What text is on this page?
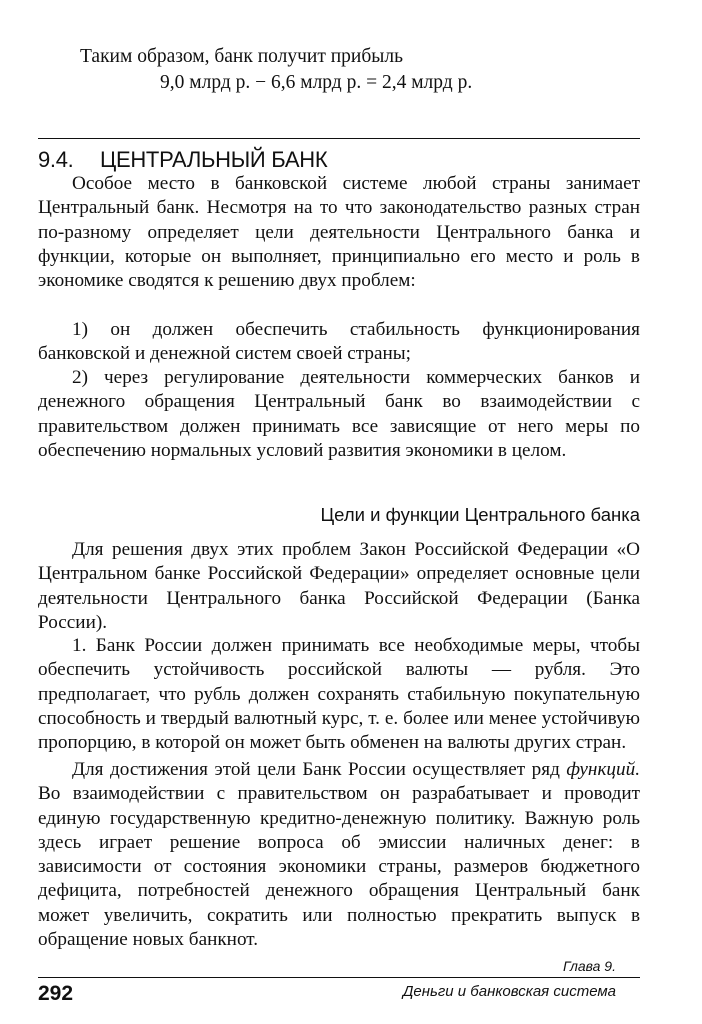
Таким образом, банк получит прибыль
9,0 млрд р. − 6,6 млрд р. = 2,4 млрд р.
9.4. ЦЕНТРАЛЬНЫЙ БАНК

Особое место в банковской системе любой страны занимает Центральный банк. Несмотря на то что законодательство разных стран по-разному определяет цели деятельности Центрального банка и функции, которые он выполняет, принципиально его место и роль в экономике сводятся к решению двух проблем:

1) он должен обеспечить стабильность функционирования банковской и денежной систем своей страны;

2) через регулирование деятельности коммерческих банков и денежного обращения Центральный банк во взаимодействии с правительством должен принимать все зависящие от него меры по обеспечению нормальных условий развития экономики в целом.

Цели и функции Центрального банка

Для решения двух этих проблем Закон Российской Федерации «О Центральном банке Российской Федерации» определяет основные цели деятельности Центрального банка Российской Федерации (Банка России).

1. Банк России должен принимать все необходимые меры, чтобы обеспечить устойчивость российской валюты — рубля. Это предполагает, что рубль должен сохранять стабильную покупательную способность и твердый валютный курс, т. е. более или менее устойчивую пропорцию, в которой он может быть обменен на валюты других стран.

Для достижения этой цели Банк России осуществляет ряд функций. Во взаимодействии с правительством он разрабатывает и проводит единую государственную кредитно-денежную политику. Важную роль здесь играет решение вопроса об эмиссии наличных денег: в зависимости от состояния экономики страны, размеров бюджетного дефицита, потребностей денежного обращения Центральный банк может увеличить, сократить или полностью прекратить выпуск в обращение новых банкнот.

Глава 9.
292	Деньги и банковская система
